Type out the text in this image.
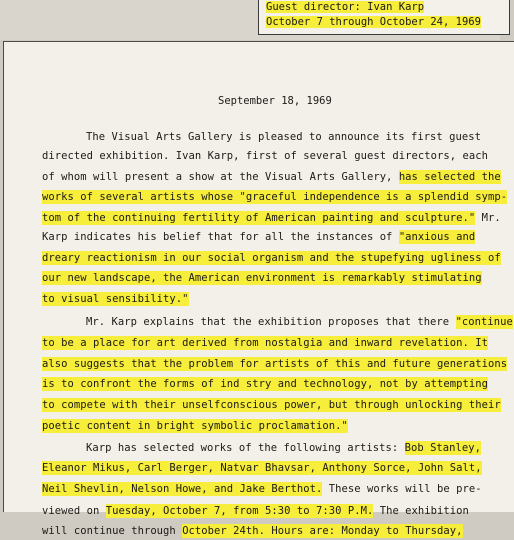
Guest director: Ivan Karp
October 7 through October 24, 1969
September 18, 1969
The Visual Arts Gallery is pleased to announce its first guest
directed exhibition. Ivan Karp, first of several guest directors, each
of whom will present a show at the Visual Arts Gallery, has selected the
works of several artists whose "graceful independence is a splendid symp-
tom of the continuing fertility of American painting and sculpture." Mr.
Karp indicates his belief that for all the instances of "anxious and
dreary reactionism in our social organism and the stupefying ugliness of
our new landscape, the American environment is remarkably stimulating
to visual sensibility."
Mr. Karp explains that the exhibition proposes that there "continue
to be a place for art derived from nostalgia and inward revelation. It
also suggests that the problem for artists of this and future generations
is to confront the forms of ind stry and technology, not by attempting
to compete with their unselfconscious power, but through unlocking their
poetic content in bright symbolic proclamation."
Karp has selected works of the following artists: Bob Stanley,
Eleanor Mikus, Carl Berger, Natvar Bhavsar, Anthony Sorce, John Salt,
Neil Shevlin, Nelson Howe, and Jake Berthot. These works will be pre-
viewed on Tuesday, October 7, from 5:30 to 7:30 P.M. The exhibition
will continue through October 24th. Hours are: Monday to Thursday,
